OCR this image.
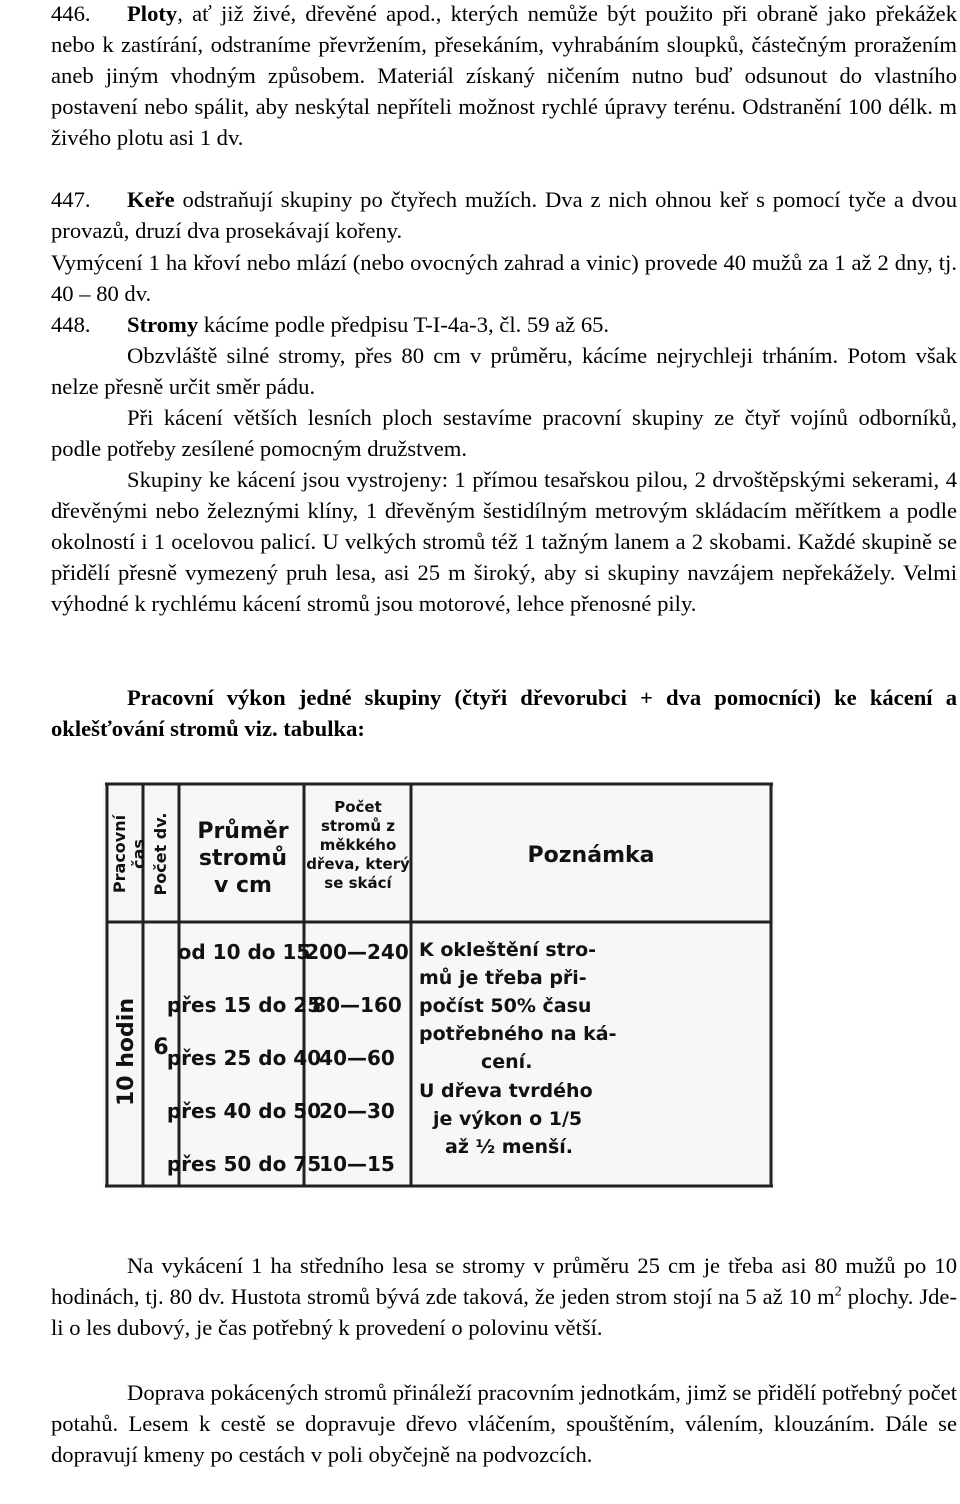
446. Ploty, ať již živé, dřevěné apod., kterých nemůže být použito při obraně jako překážek nebo k zastírání, odstraníme převržením, přesekáním, vyhrabáním sloupků, částečným proražením aneb jiným vhodným způsobem. Materiál získaný ničením nutno buď odsunout do vlastního postavení nebo spálit, aby neskýtal nepříteli možnost rychlé úpravy terénu. Odstranění 100 délk. m živého plotu asi 1 dv.
447. Keře odstraňují skupiny po čtyřech mužích. Dva z nich ohnou keř s pomocí tyče a dvou provazů, druzí dva prosekávají kořeny.
Vymýcení 1 ha křoví nebo mlází (nebo ovocných zahrad a vinic) provede 40 mužů za 1 až 2 dny, tj. 40 – 80 dv.
448. Stromy kácíme podle předpisu T-I-4a-3, čl. 59 až 65.
Obzvláště silné stromy, přes 80 cm v průměru, kácíme nejrychleji trháním. Potom však nelze přesně určit směr pádu.
Při kácení větších lesních ploch sestavíme pracovní skupiny ze čtyř vojínů odborníků, podle potřeby zesílené pomocným družstvem.
Skupiny ke kácení jsou vystrojeny: 1 přímou tesařskou pilou, 2 drvoštěpskými sekerami, 4 dřevěnými nebo železnými klíny, 1 dřevěným šestidílným metrovým skládacím měřítkem a podle okolností i 1 ocelovou palicí. U velkých stromů též 1 tažným lanem a 2 skobami. Každé skupině se přidělí přesně vymezený pruh lesa, asi 25 m široký, aby si skupiny navzájem nepřekážely. Velmi výhodné k rychlému kácení stromů jsou motorové, lehce přenosné pily.
Pracovní výkon jedné skupiny (čtyři dřevorubci + dva pomocníci) ke kácení a oklešťování stromů viz. tabulka:
Pracovníčas Počet dv. Průměr stromů v cm
Počet stromů z měkkého dřeva, který se skácí
Poznámka
10 hodin 6
od 10 do 15
přes 15 do 25
přes 25 do 40
přes 40 do 50
přes 50 do 75
200—240
80—160
40—60
20—30
10—15
K okleštění stro- mů je třeba při- počíst 50% času potřebného na ká- cení. U dřeva tvrdého je výkon o 1/5 až ½ menší.
Na vykácení 1 ha středního lesa se stromy v průměru 25 cm je třeba asi 80 mužů po 10 hodinách, tj. 80 dv. Hustota stromů bývá zde taková, že jeden strom stojí na 5 až 10 $m^2$ plochy. Jde-li o les dubový, je čas potřebný k provedení o polovinu větší.
Doprava pokácených stromů přináleží pracovním jednotkám, jimž se přidělí potřebný počet potahů. Lesem k cestě se dopravuje dřevo vláčením, spouštěním, válením, klouzáním. Dále se dopravují kmeny po cestách v poli obyčejně na podvozcích.
